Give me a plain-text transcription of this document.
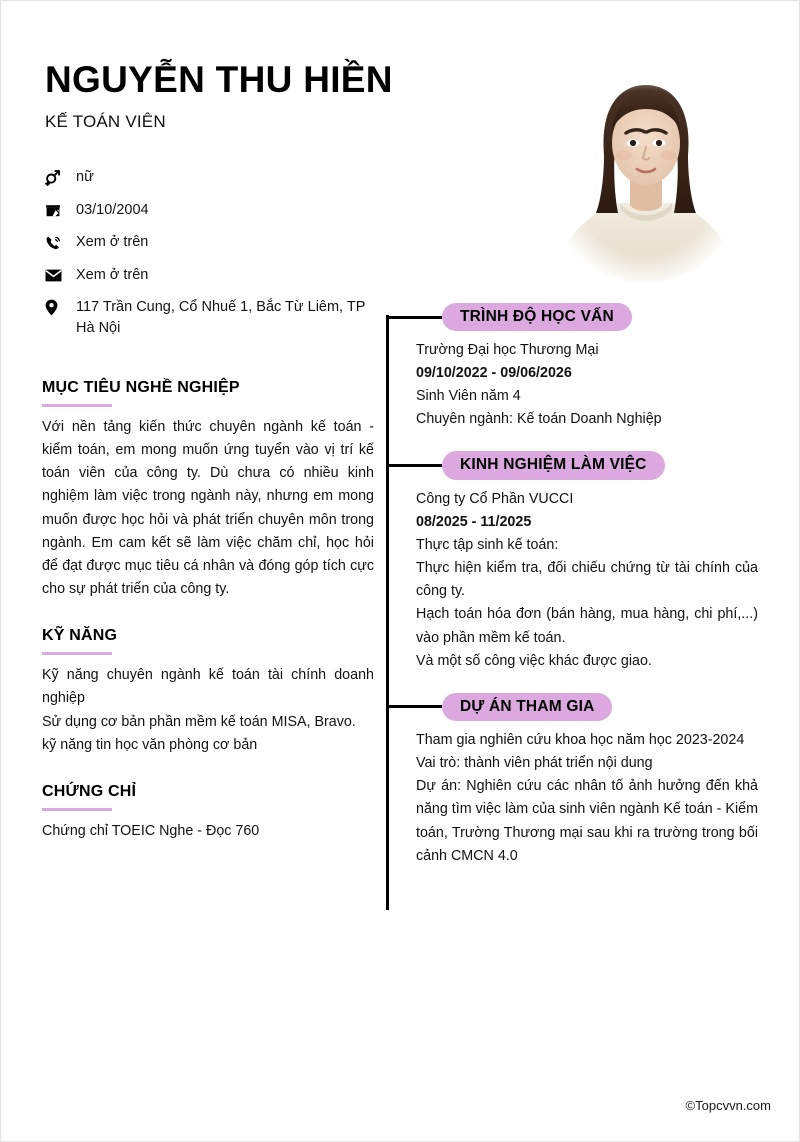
NGUYỄN THU HIỀN
KẾ TOÁN VIÊN
nữ
03/10/2004
Xem ở trên
Xem ở trên
117 Trần Cung, Cổ Nhuế 1, Bắc Từ Liêm, TP Hà Nội
MỤC TIÊU NGHỀ NGHIỆP

Với nền tảng kiến thức chuyên ngành kế toán - kiểm toán, em mong muốn ứng tuyển vào vị trí kế toán viên của công ty. Dù chưa có nhiều kinh nghiệm làm việc trong ngành này, nhưng em mong muốn được học hỏi và phát triển chuyên môn trong ngành. Em cam kết sẽ làm việc chăm chỉ, học hỏi để đạt được mục tiêu cá nhân và đóng góp tích cực cho sự phát triển của công ty.

KỸ NĂNG
Kỹ năng chuyên ngành kế toán tài chính doanh nghiệp
Sử dụng cơ bản phần mềm kế toán MISA, Bravo.
kỹ năng tin học văn phòng cơ bản
CHỨNG CHỈ
Chứng chỉ TOEIC Nghe - Đọc 760
TRÌNH ĐỘ HỌC VẤN
Trường Đại học Thương Mại
09/10/2022 - 09/06/2026
Sinh Viên năm 4
Chuyên ngành: Kế toán Doanh Nghiệp
KINH NGHIỆM LÀM VIỆC
Công ty Cổ Phần VUCCI
08/2025 - 11/2025
Thực tập sinh kế toán:
Thực hiện kiểm tra, đối chiếu chứng từ tài chính của công ty.
Hạch toán hóa đơn (bán hàng, mua hàng, chi phí,...) vào phần mềm kế toán.
Và một số công việc khác được giao.
DỰ ÁN THAM GIA
Tham gia nghiên cứu khoa học năm học 2023-2024
Vai trò: thành viên phát triển nội dung
Dự án: Nghiên cứu các nhân tố ảnh hưởng đến khả năng tìm việc làm của sinh viên ngành Kế toán - Kiểm toán, Trường Thương mại sau khi ra trường trong bối cảnh CMCN 4.0
©Topcvvn.com
